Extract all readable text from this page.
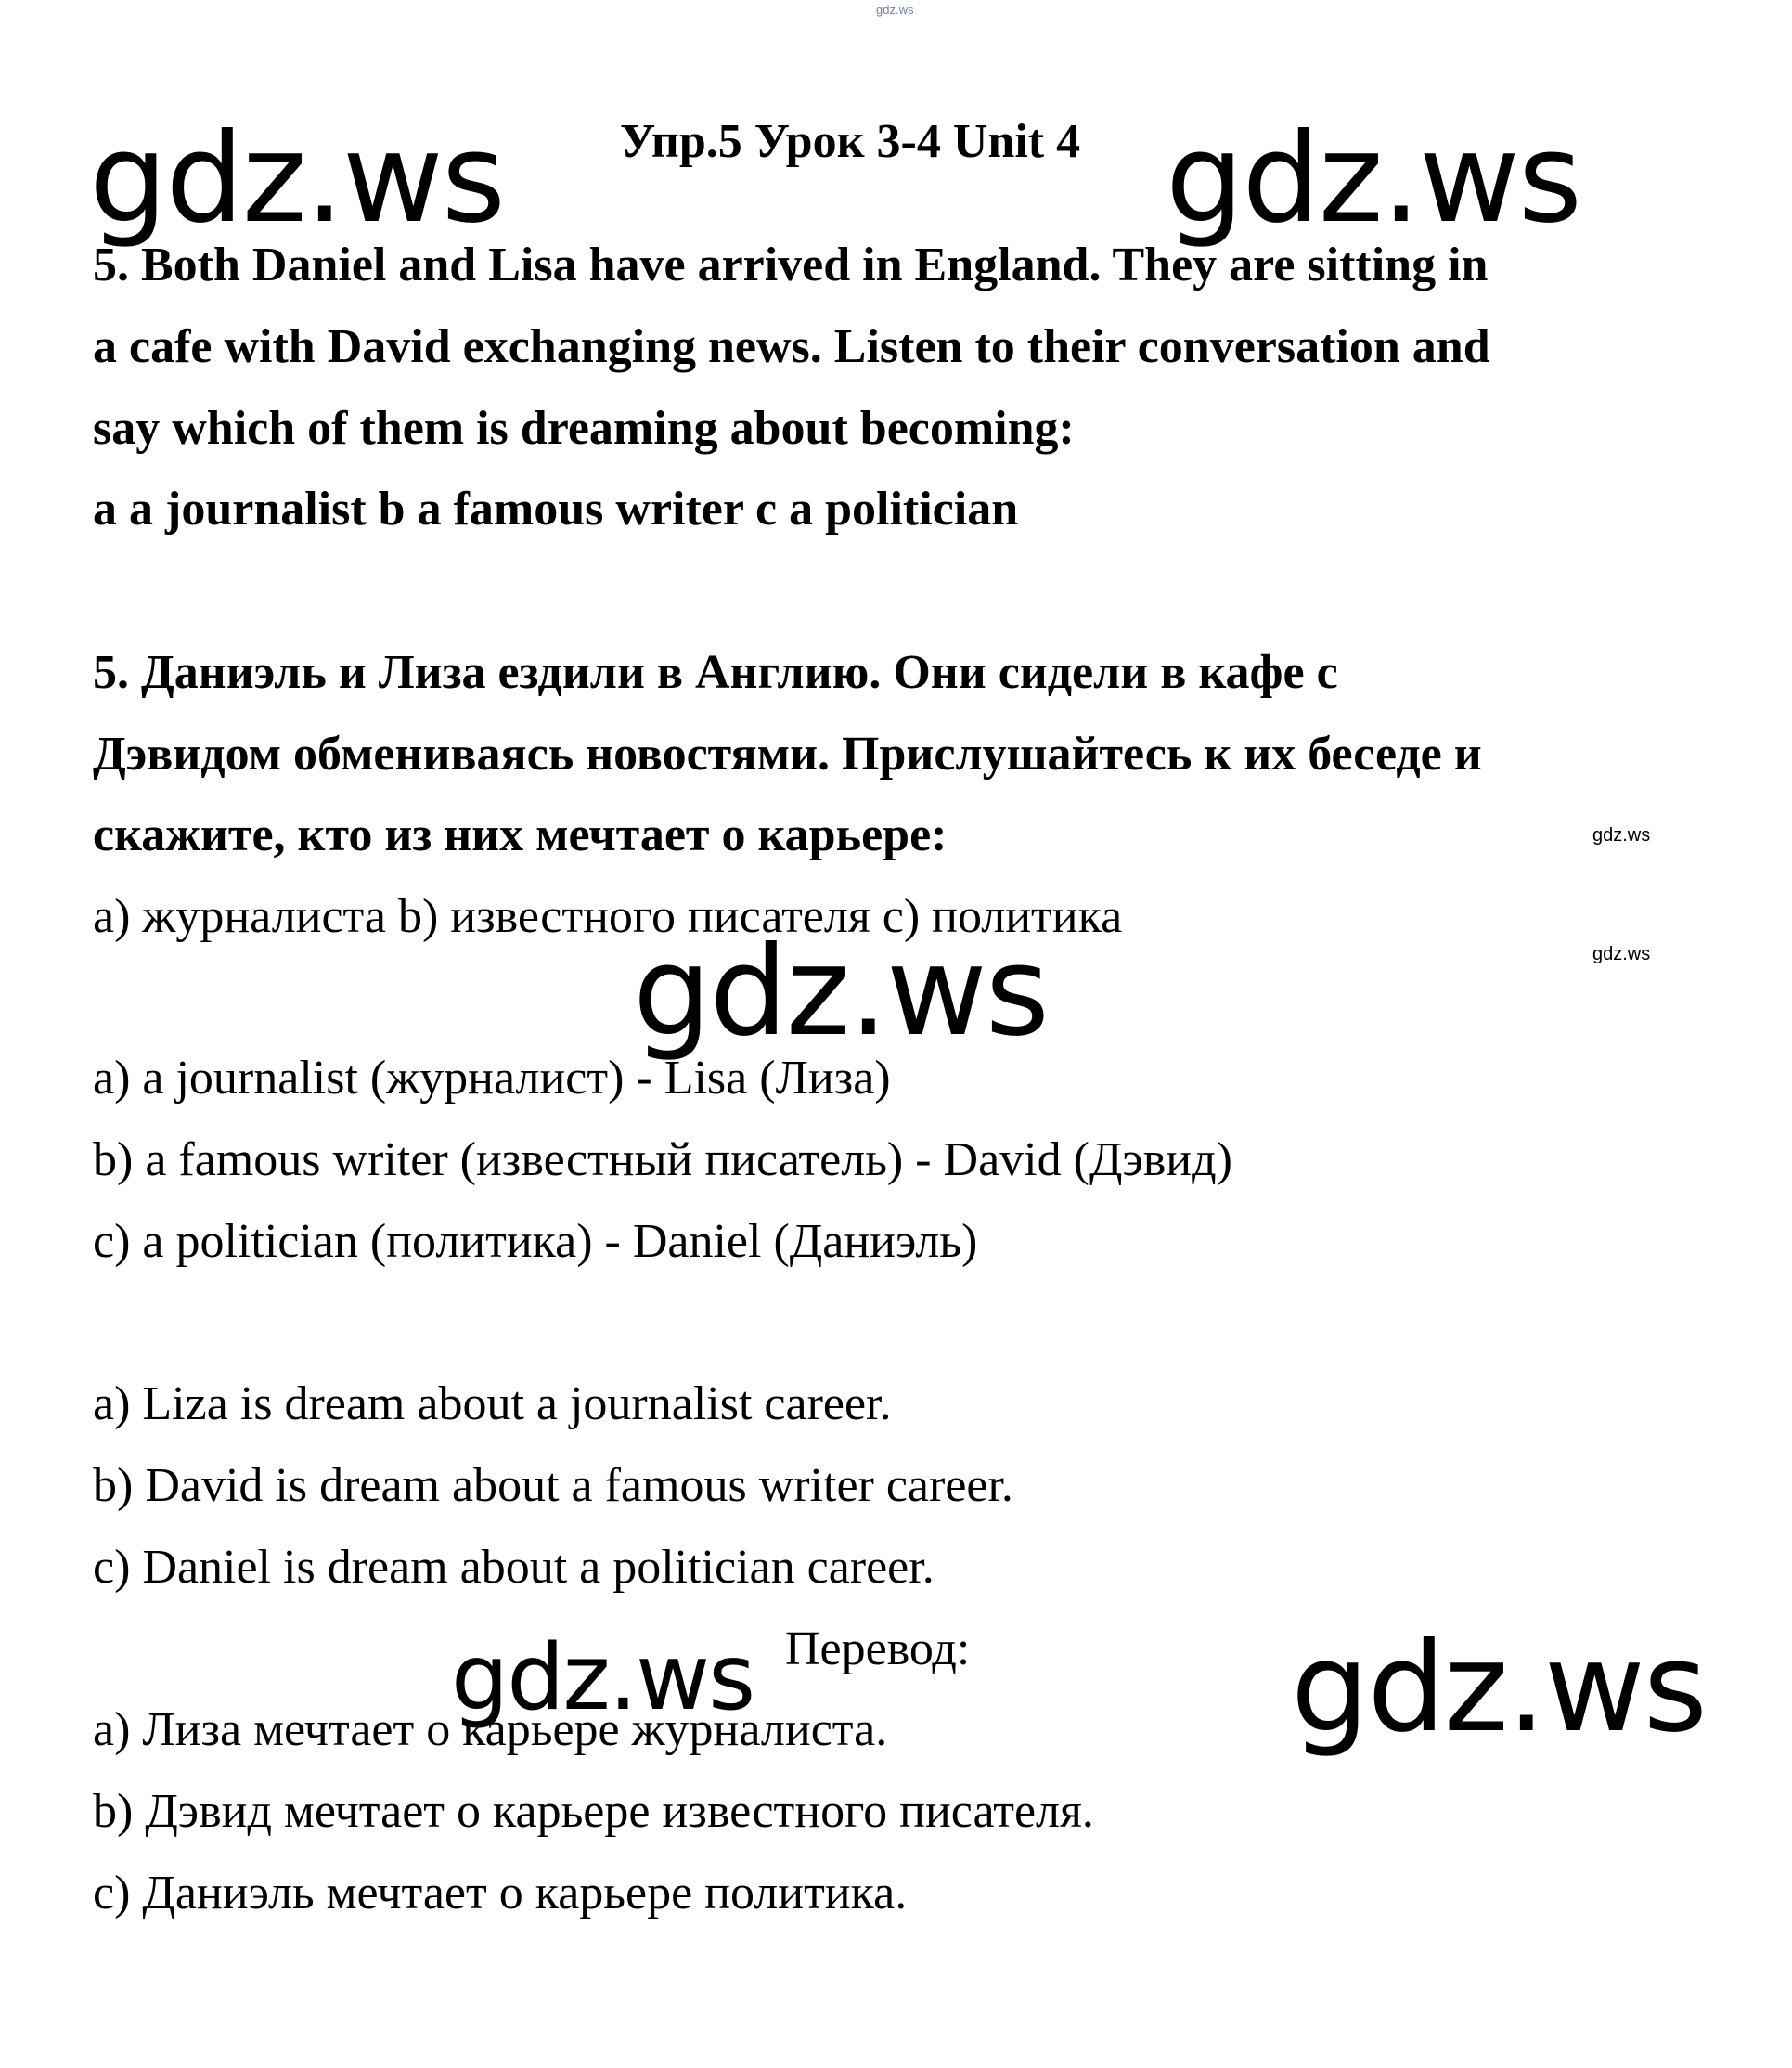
gdz.ws
gdz.ws	gdz.ws
Упр.5 Урок 3-4 Unit 4
5. Both Daniel and Lisa have arrived in England. They are sitting in
a cafe with David exchanging news. Listen to their conversation and
say which of them is dreaming about becoming:
a a journalist b a famous writer c a politician
5. Даниэль и Лиза ездили в Англию. Они сидели в кафе с
Дэвидом обмениваясь новостями. Прислушайтесь к их беседе и
скажите, кто из них мечтает о карьере:	gdz.ws
а) журналиста b) известного писателя c) политика
gdz.ws
gdz.ws
a) a journalist (журналист) - Lisa (Лиза)
b) a famous writer (известный писатель) - David (Дэвид)
c) a politician (политика) - Daniel (Даниэль)
a) Liza is dream about a journalist career.
b) David is dream about a famous writer career.
c) Daniel is dream about a politician career.
Перевод:
gdz.ws	gdz.ws
а) Лиза мечтает о карьере журналиста.
b) Дэвид мечтает о карьере известного писателя.
c) Даниэль мечтает о карьере политика.
